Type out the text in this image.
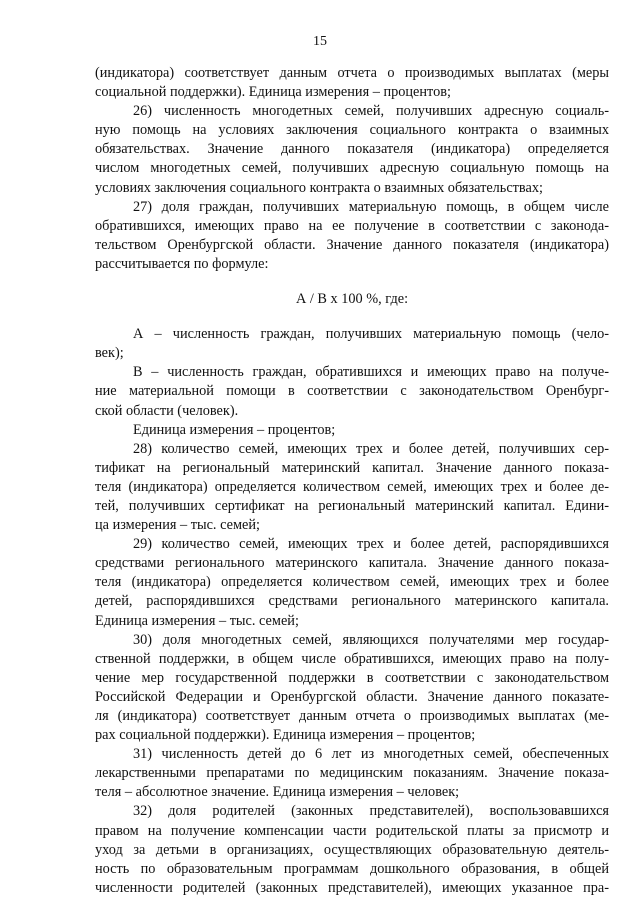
15
(индикатора) соответствует данным отчета о производимых выплатах (меры
социальной поддержки). Единица измерения – процентов;
26) численность многодетных семей, получивших адресную социаль-
ную помощь на условиях заключения социального контракта о взаимных
обязательствах. Значение данного показателя (индикатора) определяется
числом многодетных семей, получивших адресную социальную помощь на
условиях заключения социального контракта о взаимных обязательствах;
27) доля граждан, получивших материальную помощь, в общем числе
обратившихся, имеющих право на ее получение в соответствии с законода-
тельством Оренбургской области. Значение данного показателя (индикатора)
рассчитывается по формуле:
А / В х 100 %, где:
А – численность граждан, получивших материальную помощь (чело-
век);
В – численность граждан, обратившихся и имеющих право на получе-
ние материальной помощи в соответствии с законодательством Оренбург-
ской области (человек).
Единица измерения – процентов;
28) количество семей, имеющих трех и более детей, получивших сер-
тификат на региональный материнский капитал. Значение данного показа-
теля (индикатора) определяется количеством семей, имеющих трех и более де-
тей, получивших сертификат на региональный материнский капитал. Едини-
ца измерения – тыс. семей;
29) количество семей, имеющих трех и более детей, распорядившихся
средствами регионального материнского капитала. Значение данного показа-
теля (индикатора) определяется количеством семей, имеющих трех и более
детей, распорядившихся средствами регионального материнского капитала.
Единица измерения – тыс. семей;
30) доля многодетных семей, являющихся получателями мер государ-
ственной поддержки, в общем числе обратившихся, имеющих право на полу-
чение мер государственной поддержки в соответствии с законодательством
Российской Федерации и Оренбургской области. Значение данного показате-
ля (индикатора) соответствует данным отчета о производимых выплатах (ме-
рах социальной поддержки). Единица измерения – процентов;
31) численность детей до 6 лет из многодетных семей, обеспеченных
лекарственными препаратами по медицинским показаниям. Значение показа-
теля – абсолютное значение. Единица измерения – человек;
32) доля родителей (законных представителей), воспользовавшихся
правом на получение компенсации части родительской платы за присмотр и
уход за детьми в организациях, осуществляющих образовательную деятель-
ность по образовательным программам дошкольного образования, в общей
численности родителей (законных представителей), имеющих указанное пра-
